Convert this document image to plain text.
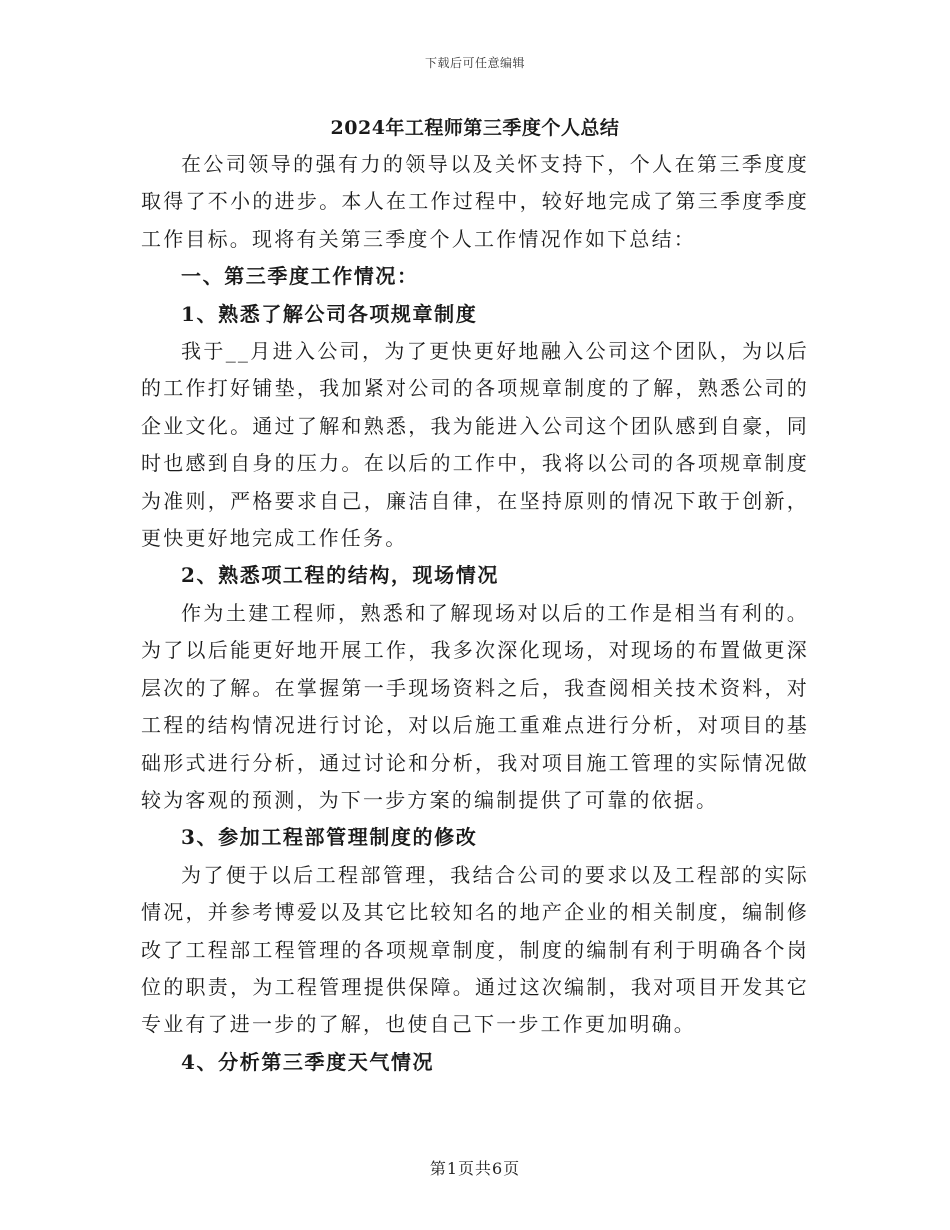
下载后可任意编辑
2024年工程师第三季度个人总结

在公司领导的强有力的领导以及关怀支持下，个人在第三季度度取得了不小的进步。本人在工作过程中，较好地完成了第三季度季度工作目标。现将有关第三季度个人工作情况作如下总结：

一、第三季度工作情况：

1、熟悉了解公司各项规章制度

我于__月进入公司，为了更快更好地融入公司这个团队，为以后的工作打好铺垫，我加紧对公司的各项规章制度的了解，熟悉公司的企业文化。通过了解和熟悉，我为能进入公司这个团队感到自豪，同时也感到自身的压力。在以后的工作中，我将以公司的各项规章制度为准则，严格要求自己，廉洁自律，在坚持原则的情况下敢于创新，更快更好地完成工作任务。

2、熟悉项工程的结构，现场情况

作为土建工程师，熟悉和了解现场对以后的工作是相当有利的。为了以后能更好地开展工作，我多次深化现场，对现场的布置做更深层次的了解。在掌握第一手现场资料之后，我查阅相关技术资料，对工程的结构情况进行讨论，对以后施工重难点进行分析，对项目的基础形式进行分析，通过讨论和分析，我对项目施工管理的实际情况做较为客观的预测，为下一步方案的编制提供了可靠的依据。

3、参加工程部管理制度的修改

为了便于以后工程部管理，我结合公司的要求以及工程部的实际情况，并参考博爱以及其它比较知名的地产企业的相关制度，编制修改了工程部工程管理的各项规章制度，制度的编制有利于明确各个岗位的职责，为工程管理提供保障。通过这次编制，我对项目开发其它专业有了进一步的了解，也使自己下一步工作更加明确。

4、分析第三季度天气情况

第1页共6页
